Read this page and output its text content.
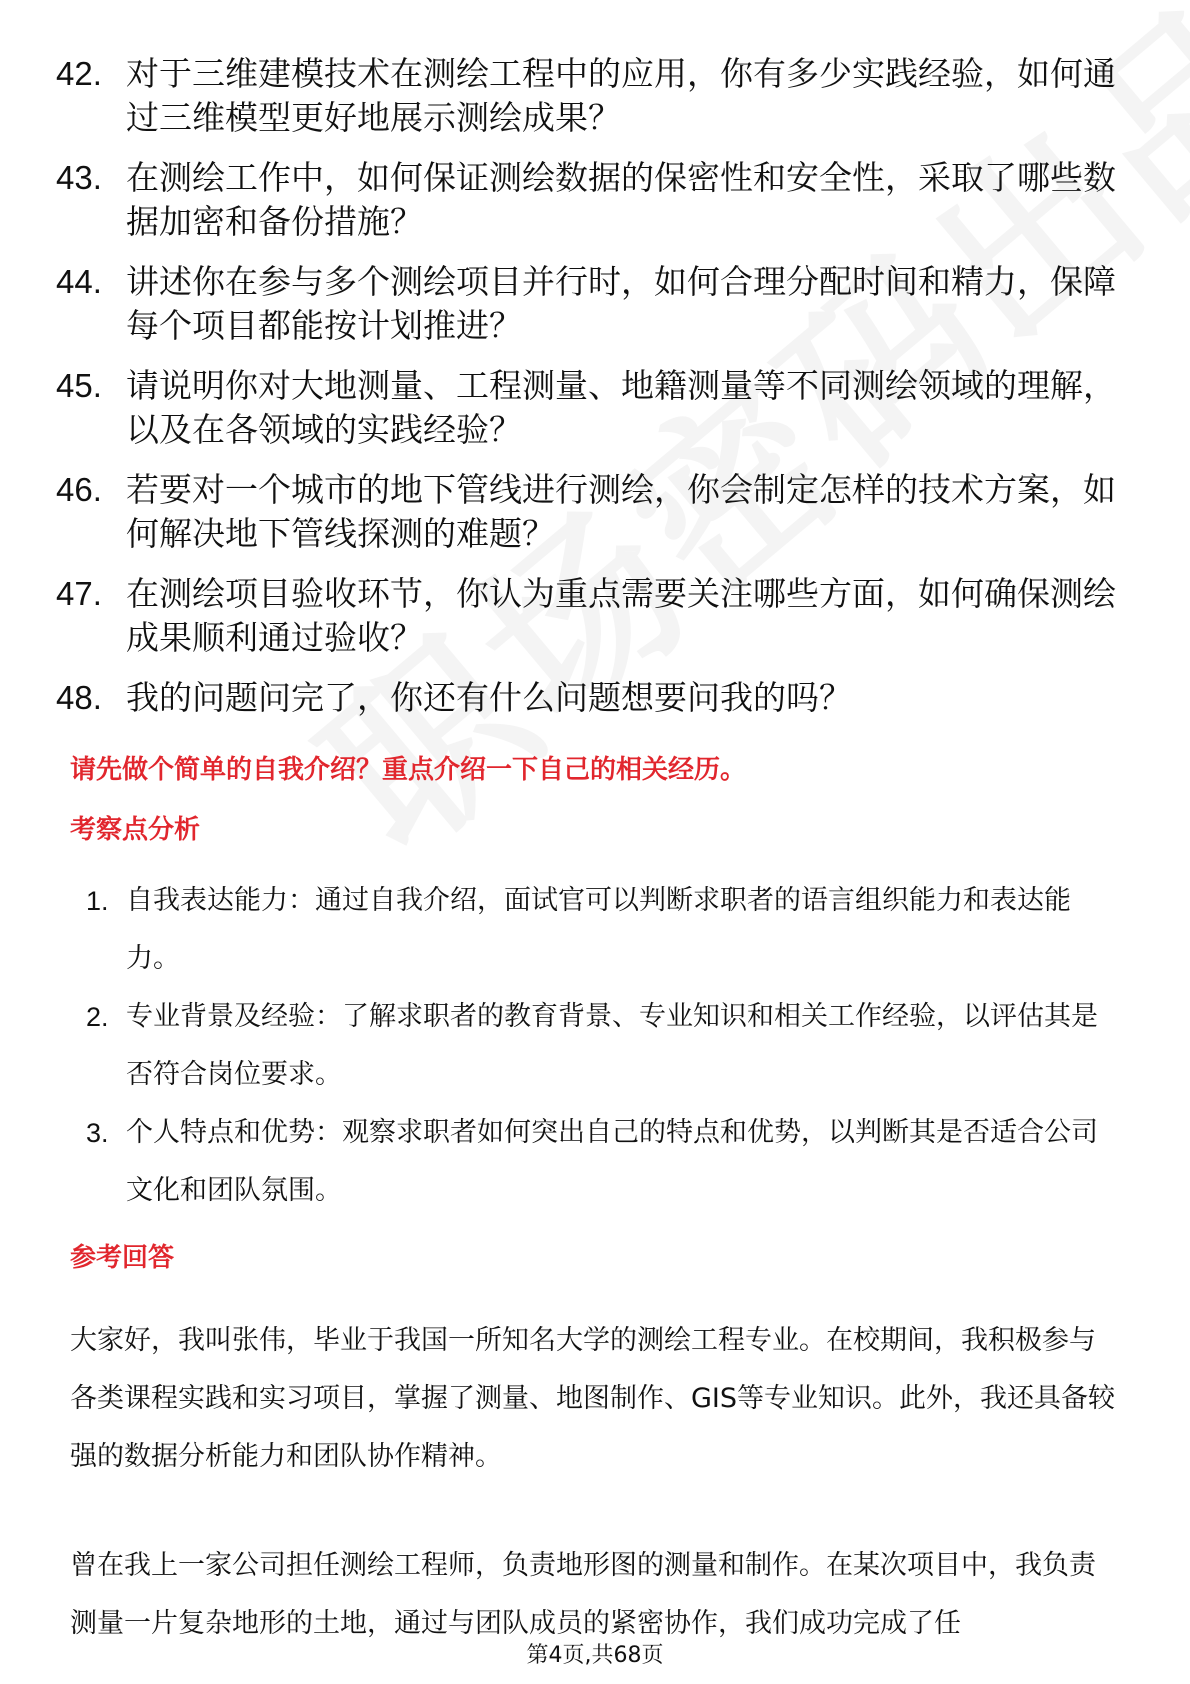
42. 对于三维建模技术在测绘工程中的应用，你有多少实践经验，如何通过三维模型更好地展示测绘成果？
43. 在测绘工作中，如何保证测绘数据的保密性和安全性，采取了哪些数据加密和备份措施？
44. 讲述你在参与多个测绘项目并行时，如何合理分配时间和精力，保障每个项目都能按计划推进？
45. 请说明你对大地测量、工程测量、地籍测量等不同测绘领域的理解，以及在各领域的实践经验？
46. 若要对一个城市的地下管线进行测绘，你会制定怎样的技术方案，如何解决地下管线探测的难题？
47. 在测绘项目验收环节，你认为重点需要关注哪些方面，如何确保测绘成果顺利通过验收？
48. 我的问题问完了，你还有什么问题想要问我的吗？
请先做个简单的自我介绍？重点介绍一下自己的相关经历。
考察点分析
1. 自我表达能力：通过自我介绍，面试官可以判断求职者的语言组织能力和表达能力。
2. 专业背景及经验：了解求职者的教育背景、专业知识和相关工作经验，以评估其是否符合岗位要求。
3. 个人特点和优势：观察求职者如何突出自己的特点和优势，以判断其是否适合公司文化和团队氛围。
参考回答

大家好，我叫张伟，毕业于我国一所知名大学的测绘工程专业。在校期间，我积极参与各类课程实践和实习项目，掌握了测量、地图制作、GIS等专业知识。此外，我还具备较强的数据分析能力和团队协作精神。

曾在我上一家公司担任测绘工程师，负责地形图的测量和制作。在某次项目中，我负责测量一片复杂地形的土地，通过与团队成员的紧密协作，我们成功完成了任

第4页,共68页
